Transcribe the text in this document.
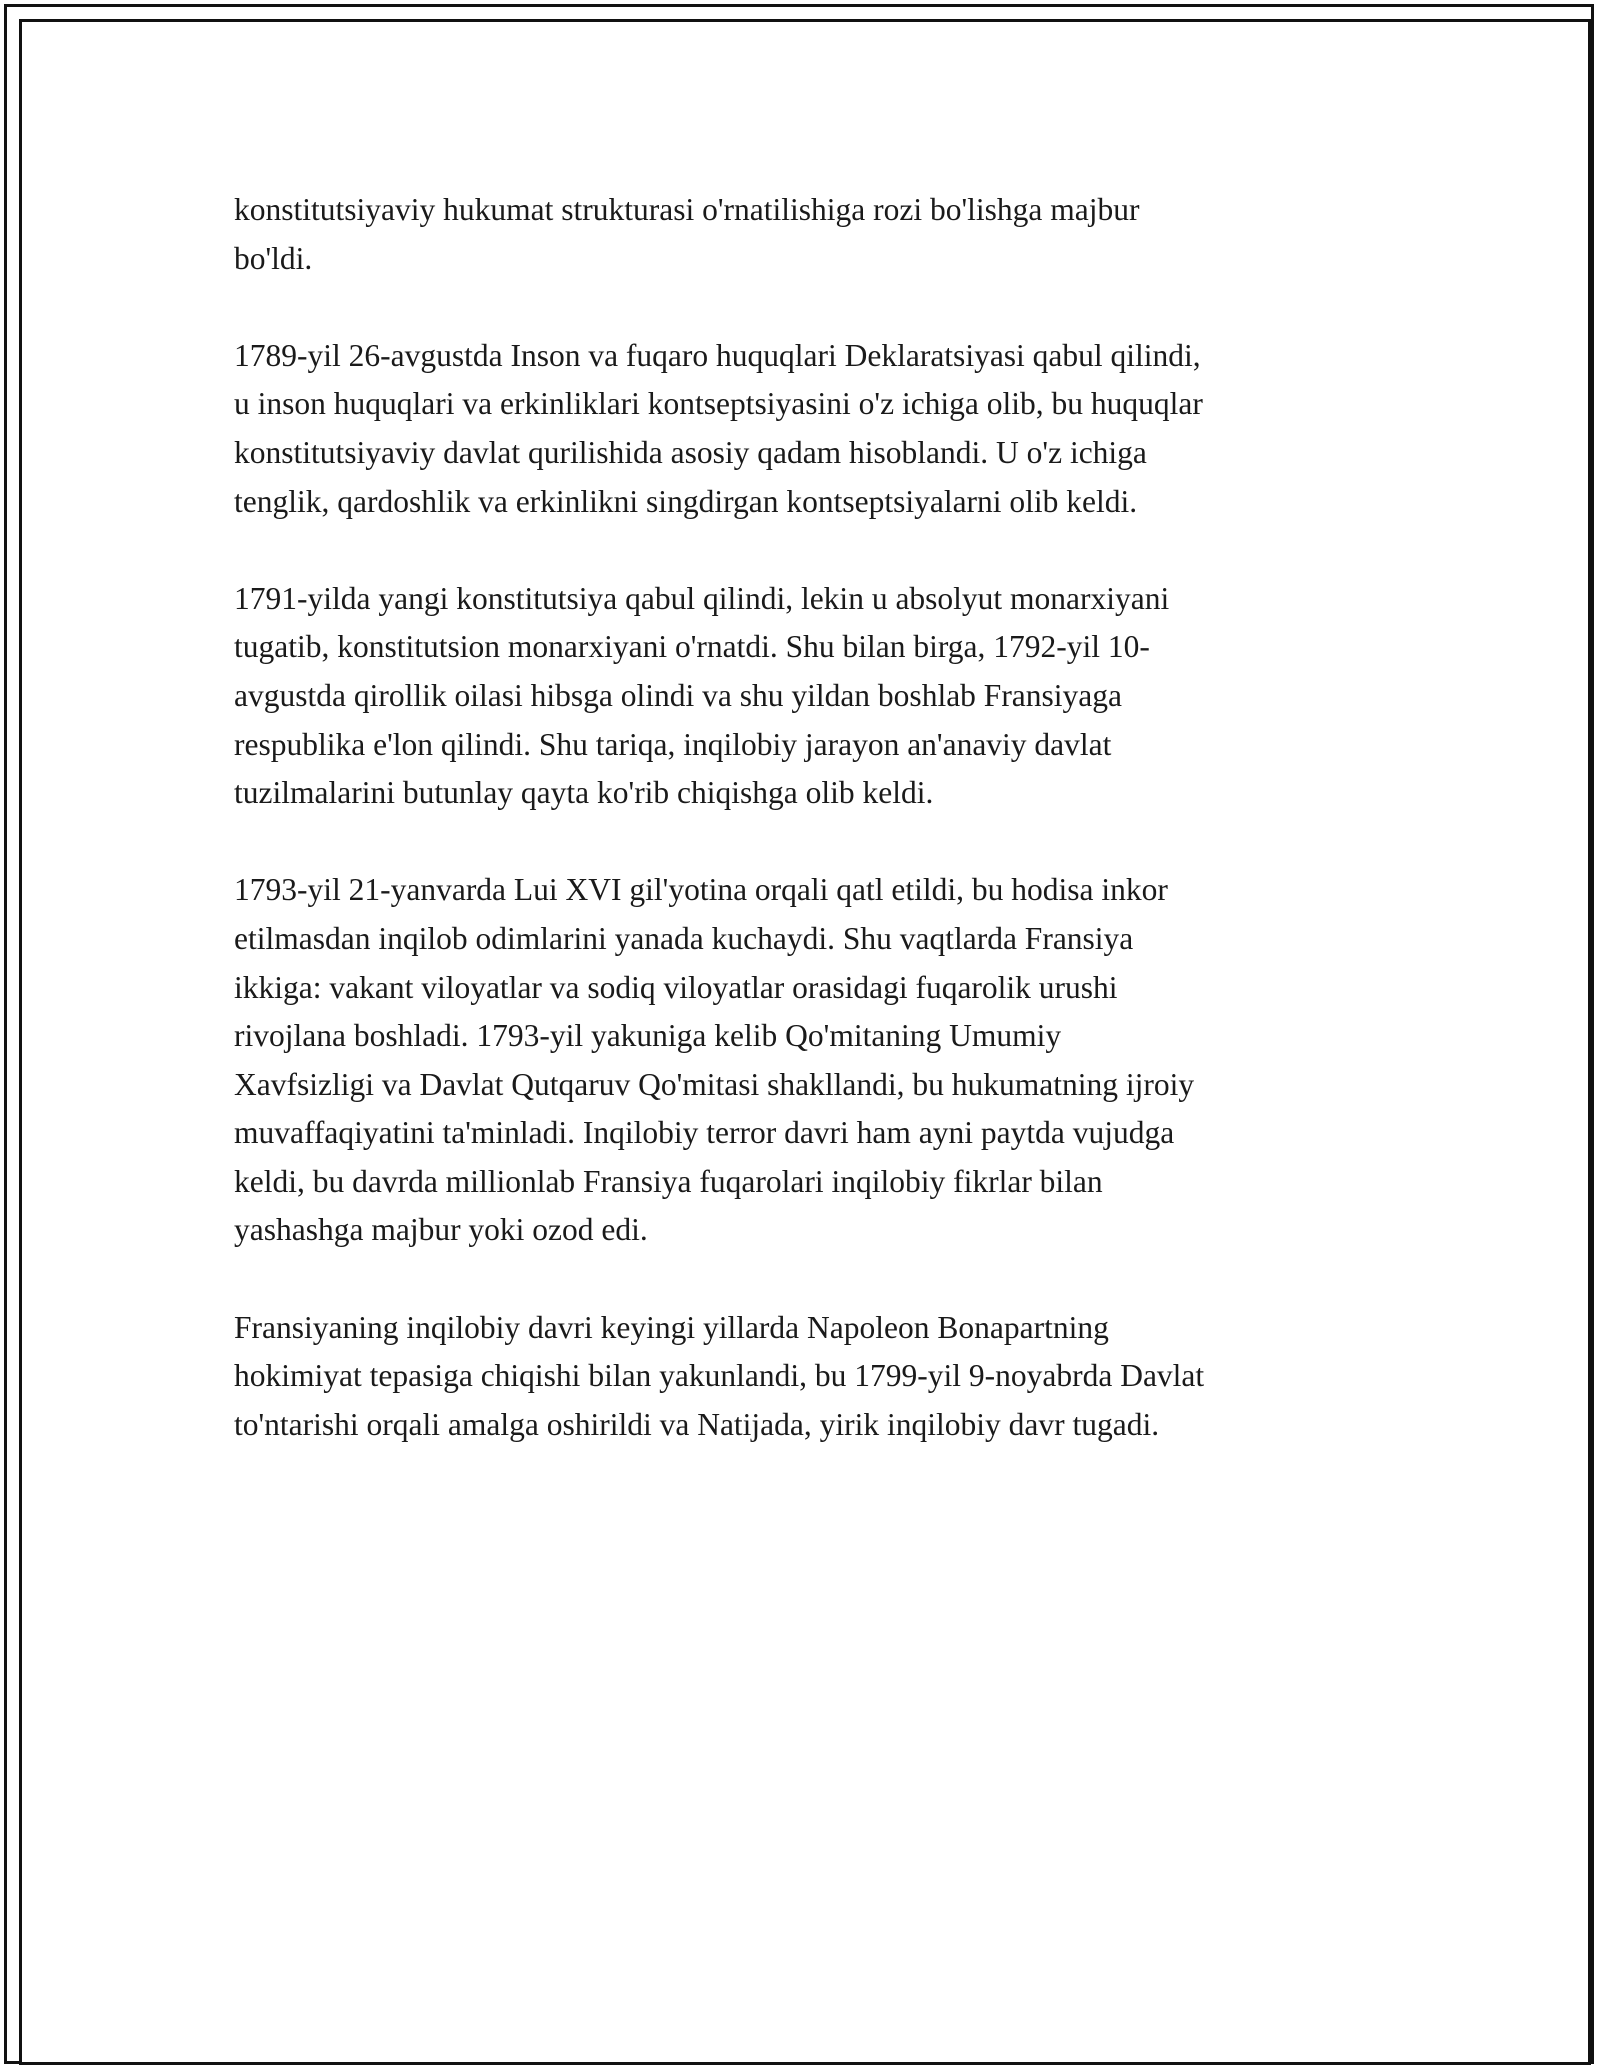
konstitutsiyaviy hukumat strukturasi o'rnatilishiga rozi bo'lishga majbur
bo'ldi.

1789-yil 26-avgustda Inson va fuqaro huquqlari Deklaratsiyasi qabul qilindi,
u inson huquqlari va erkinliklari kontseptsiyasini o'z ichiga olib, bu huquqlar
konstitutsiyaviy davlat qurilishida asosiy qadam hisoblandi. U o'z ichiga
tenglik, qardoshlik va erkinlikni singdirgan kontseptsiyalarni olib keldi.

1791-yilda yangi konstitutsiya qabul qilindi, lekin u absolyut monarxiyani
tugatib, konstitutsion monarxiyani o'rnatdi. Shu bilan birga, 1792-yil 10-
avgustda qirollik oilasi hibsga olindi va shu yildan boshlab Fransiyaga
respublika e'lon qilindi. Shu tariqa, inqilobiy jarayon an'anaviy davlat
tuzilmalarini butunlay qayta ko'rib chiqishga olib keldi.

1793-yil 21-yanvarda Lui XVI gil'yotina orqali qatl etildi, bu hodisa inkor
etilmasdan inqilob odimlarini yanada kuchaydi. Shu vaqtlarda Fransiya
ikkiga: vakant viloyatlar va sodiq viloyatlar orasidagi fuqarolik urushi
rivojlana boshladi. 1793-yil yakuniga kelib Qo'mitaning Umumiy
Xavfsizligi va Davlat Qutqaruv Qo'mitasi shakllandi, bu hukumatning ijroiy
muvaffaqiyatini ta'minladi. Inqilobiy terror davri ham ayni paytda vujudga
keldi, bu davrda millionlab Fransiya fuqarolari inqilobiy fikrlar bilan
yashashga majbur yoki ozod edi.

Fransiyaning inqilobiy davri keyingi yillarda Napoleon Bonapartning
hokimiyat tepasiga chiqishi bilan yakunlandi, bu 1799-yil 9-noyabrda Davlat
to'ntarishi orqali amalga oshirildi va Natijada, yirik inqilobiy davr tugadi.
